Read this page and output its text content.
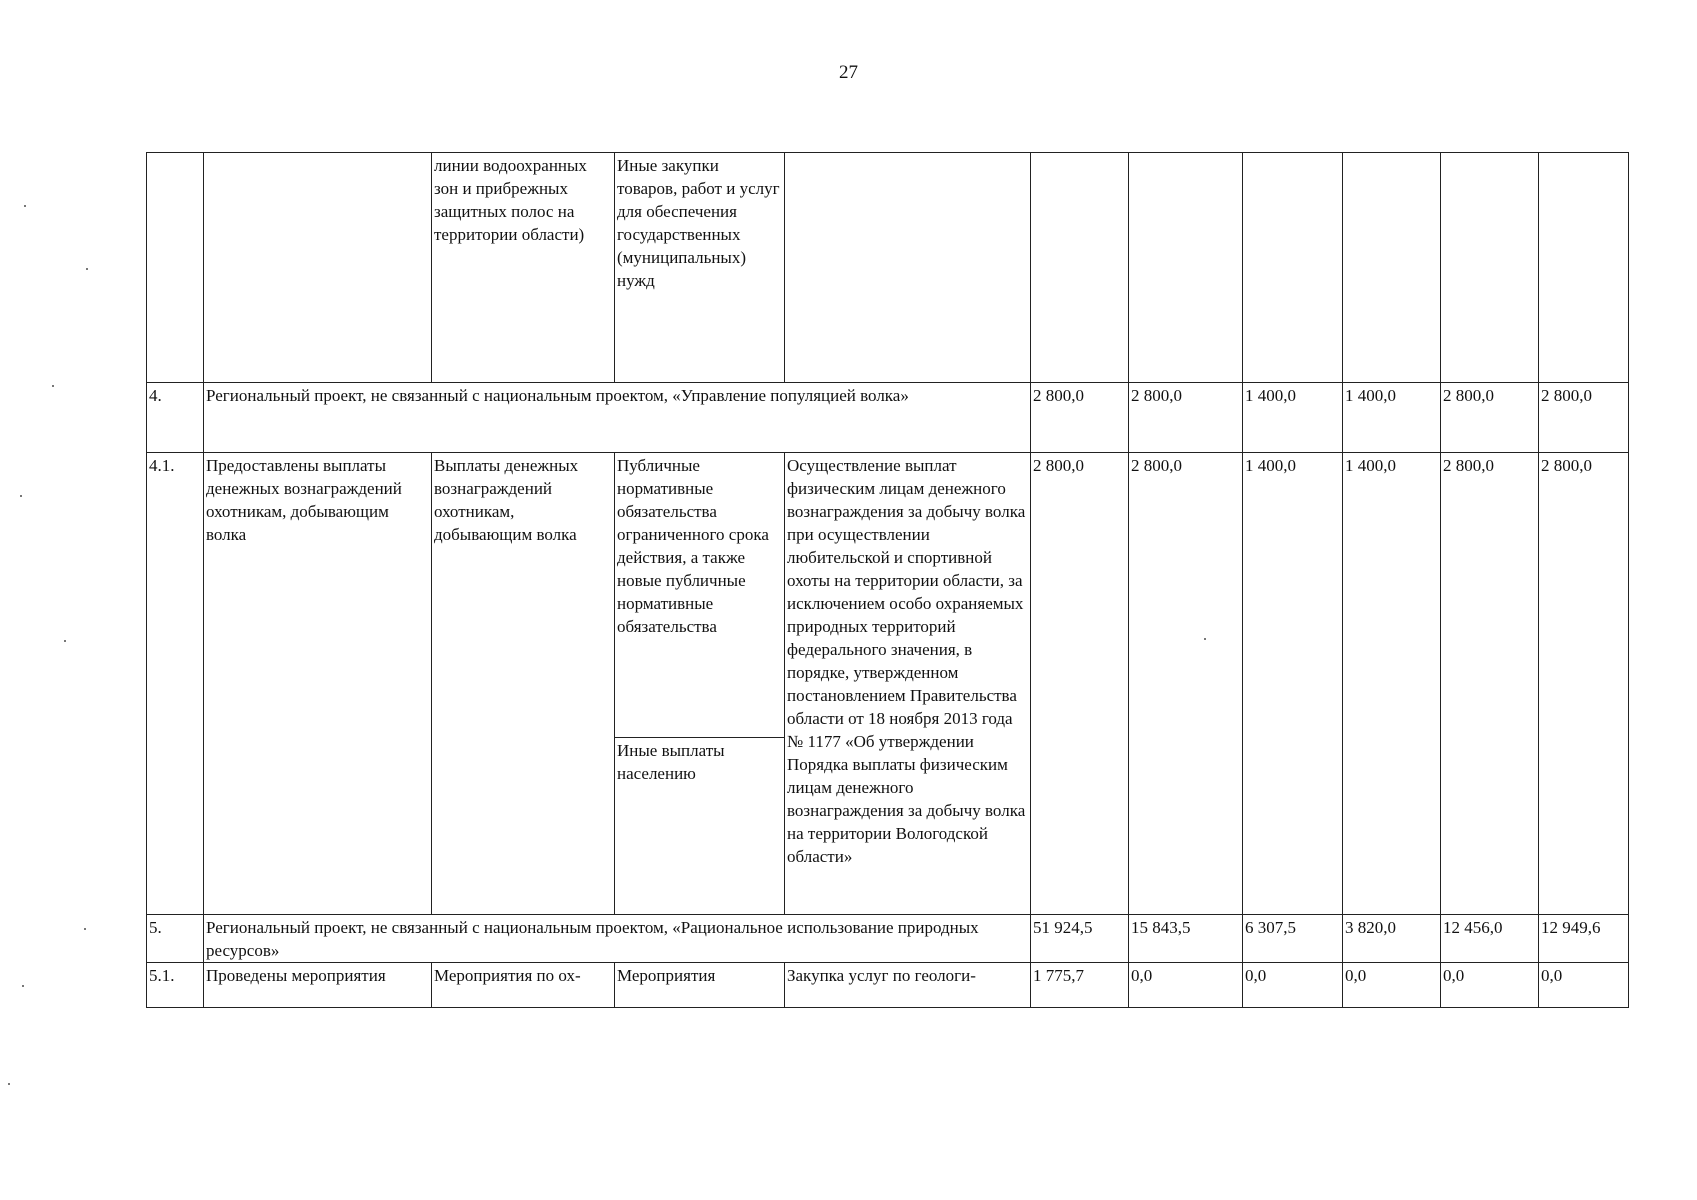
27
		линии водоохранных зон и прибрежных защитных полос на территории области)	Иные закупки товаров, работ и услуг для обеспечения государственных (муниципальных) нужд							
4.	Региональный проект, не связанный с национальным проектом, «Управление популяцией волка»				2 800,0	2 800,0	1 400,0	1 400,0	2 800,0	2 800,0
4.1.	Предоставлены выплаты денежных вознаграждений охотникам, добывающим волка	Выплаты денежных вознаграждений охотникам, добывающим волка	Публичные нормативные обязательства ограниченного срока действия, а также новые публичные нормативные обязательства	Осуществление выплат физическим лицам денежного вознаграждения за добычу волка при осуществлении любительской и спортивной охоты на территории области, за исключением особо охраняемых природных территорий федерального значения, в порядке, утвержденном постановлением Правительства области от 18 ноября 2013 года № 1177 «Об утверждении Порядка выплаты физическим лицам денежного вознаграждения за добычу волка на территории Вологодской области»	2 800,0	2 800,0	1 400,0	1 400,0	2 800,0	2 800,0
			Иные выплаты населению							
5.	Региональный проект, не связанный с национальным проектом, «Рациональное использование природных ресурсов»				51 924,5	15 843,5	6 307,5	3 820,0	12 456,0	12 949,6
5.1.	Проведены мероприятия	Мероприятия по ох-	Мероприятия	Закупка услуг по геологи-	1 775,7	0,0	0,0	0,0	0,0	0,0
